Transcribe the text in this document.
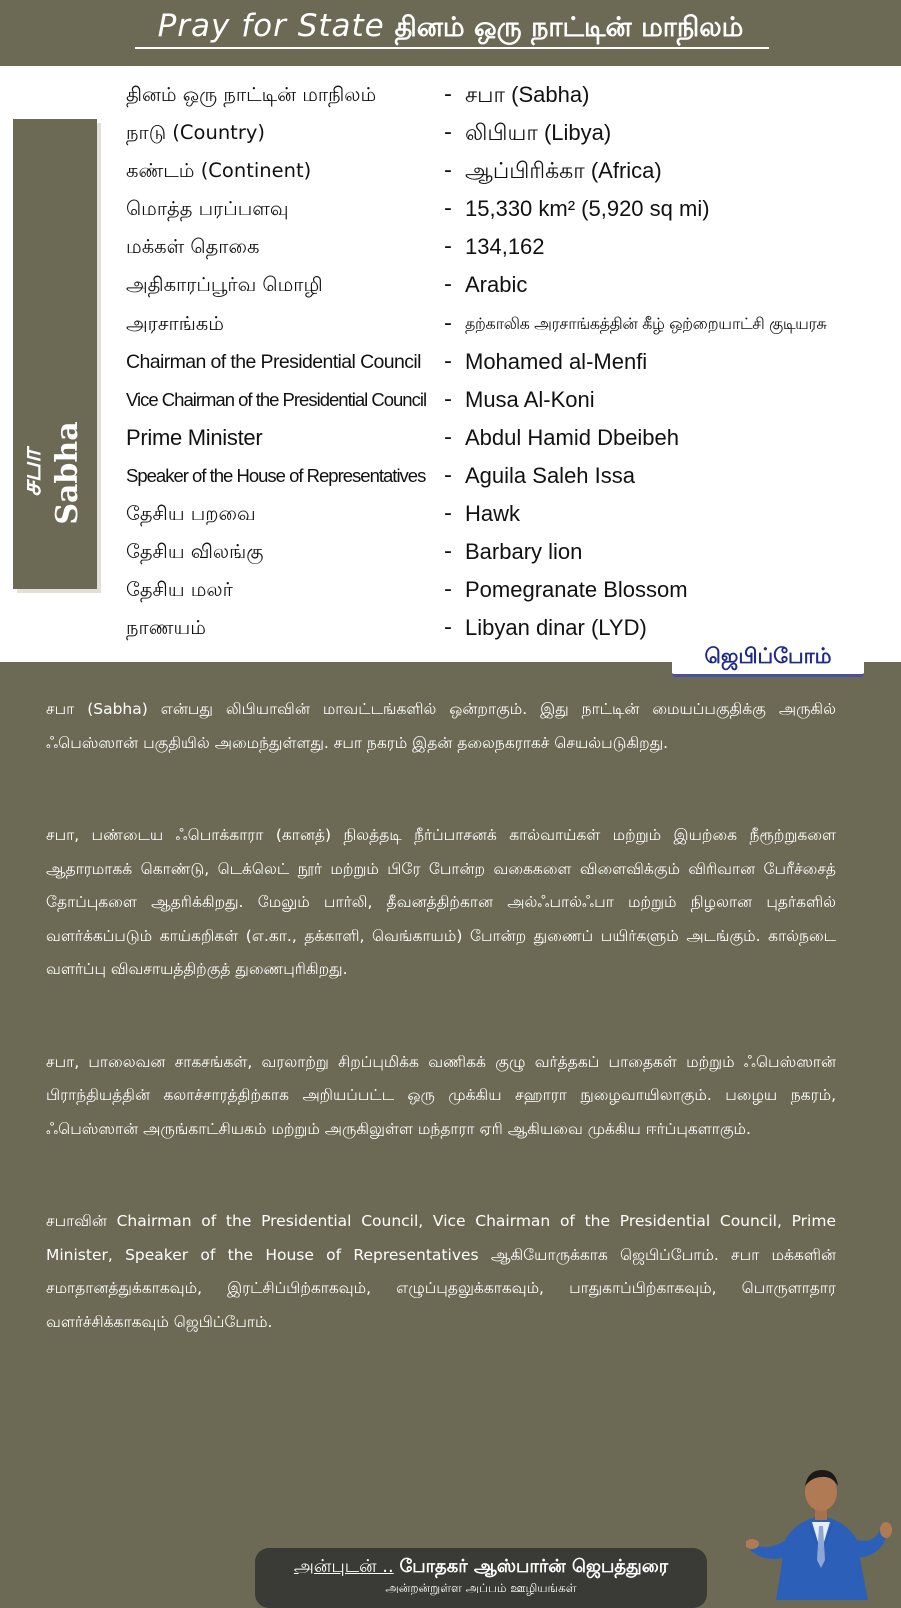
Pray for State தினம் ஒரு நாட்டின் மாநிலம்
சபா Sabha
தினம் ஒரு நாட்டின் மாநிலம்	- சபா (Sabha)
நாடு (Country)	- லிபியா (Libya)
கண்டம் (Continent)	- ஆப்பிரிக்கா (Africa)
மொத்த பரப்பளவு	- 15,330 km² (5,920 sq mi)
மக்கள் தொகை	- 134,162
அதிகாரப்பூர்வ மொழி	- Arabic
அரசாங்கம்	- தற்காலிக அரசாங்கத்தின் கீழ் ஒற்றையாட்சி குடியரசு
Chairman of the Presidential Council - Mohamed al-Menfi
Vice Chairman of the Presidential Council - Musa Al-Koni
Prime Minister	- Abdul Hamid Dbeibeh
Speaker of the House of Representatives - Aguila Saleh Issa
தேசிய பறவை	- Hawk
தேசிய விலங்கு	- Barbary lion
தேசிய மலர்	- Pomegranate Blossom
நாணயம்	- Libyan dinar (LYD)
ஜெபிப்போம்

சபா (Sabha) என்பது லிபியாவின் மாவட்டங்களில் ஒன்றாகும். இது நாட்டின் மையப்பகுதிக்கு அருகில் ஃபெஸ்ஸான் பகுதியில் அமைந்துள்ளது. சபா நகரம் இதன் தலைநகராகச் செயல்படுகிறது.

சபா, பண்டைய ஃபொக்காரா (கானத்) நிலத்தடி நீர்ப்பாசனக் கால்வாய்கள் மற்றும் இயற்கை நீரூற்றுகளை ஆதாரமாகக் கொண்டு, டெக்லெட் நூர் மற்றும் பிரே போன்ற வகைகளை விளைவிக்கும் விரிவான பேரீச்சைத் தோப்புகளை ஆதரிக்கிறது. மேலும் பார்லி, தீவனத்திற்கான அல்ஃபால்ஃபா மற்றும் நிழலான புதர்களில் வளர்க்கப்படும் காய்கறிகள் (எ.கா., தக்காளி, வெங்காயம்) போன்ற துணைப் பயிர்களும் அடங்கும். கால்நடை வளர்ப்பு விவசாயத்திற்குத் துணைபுரிகிறது.

சபா, பாலைவன சாகசங்கள், வரலாற்று சிறப்புமிக்க வணிகக் குழு வர்த்தகப் பாதைகள் மற்றும் ஃபெஸ்ஸான் பிராந்தியத்தின் கலாச்சாரத்திற்காக அறியப்பட்ட ஒரு முக்கிய சஹாரா நுழைவாயிலாகும். பழைய நகரம், ஃபெஸ்ஸான் அருங்காட்சியகம் மற்றும் அருகிலுள்ள மந்தாரா ஏரி ஆகியவை முக்கிய ஈர்ப்புகளாகும்.

சபாவின் Chairman of the Presidential Council, Vice Chairman of the Presidential Council, Prime Minister, Speaker of the House of Representatives ஆகியோருக்காக ஜெபிப்போம். சபா மக்களின் சமாதானத்துக்காகவும், இரட்சிப்பிற்காகவும், எழுப்புதலுக்காகவும், பாதுகாப்பிற்காகவும், பொருளாதார வளர்ச்சிக்காகவும் ஜெபிப்போம்.

அன்புடன் .. போதகர் ஆஸ்பார்ன் ஜெபத்துரை
அன்றன்றுள்ள அப்பம் ஊழியங்கள்
